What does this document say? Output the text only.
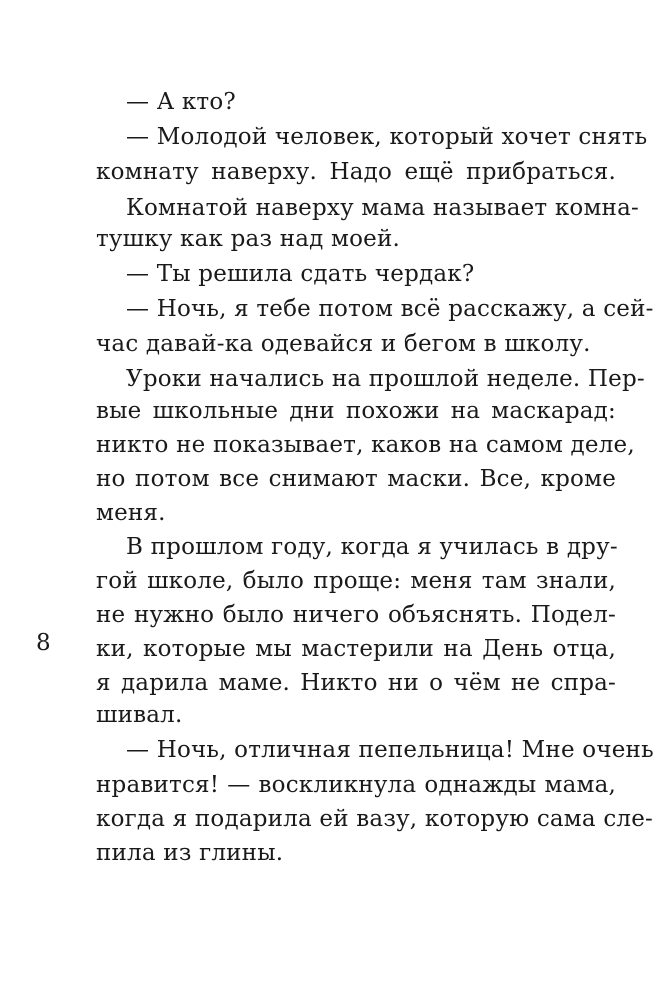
— А кто?
— Молодой человек, который хочет снять
комнату наверху. Надо ещё прибраться.
Комнатой наверху мама называет комна-
тушку как раз над моей.
— Ты решила сдать чердак?
— Ночь, я тебе потом всё расскажу, а сей-
час давай-ка одевайся и бегом в школу.
Уроки начались на прошлой неделе. Пер-
вые школьные дни похожи на маскарад:
никто не показывает, каков на самом деле,
но потом все снимают маски. Все, кроме
меня.
В прошлом году, когда я училась в дру-
гой школе, было проще: меня там знали,
не нужно было ничего объяснять. Подел-
ки, которые мы мастерили на День отца,
я дарила маме. Никто ни о чём не спра-
шивал.
— Ночь, отличная пепельница! Мне очень
нравится! — воскликнула однажды мама,
когда я подарила ей вазу, которую сама сле-
пила из глины.
8
